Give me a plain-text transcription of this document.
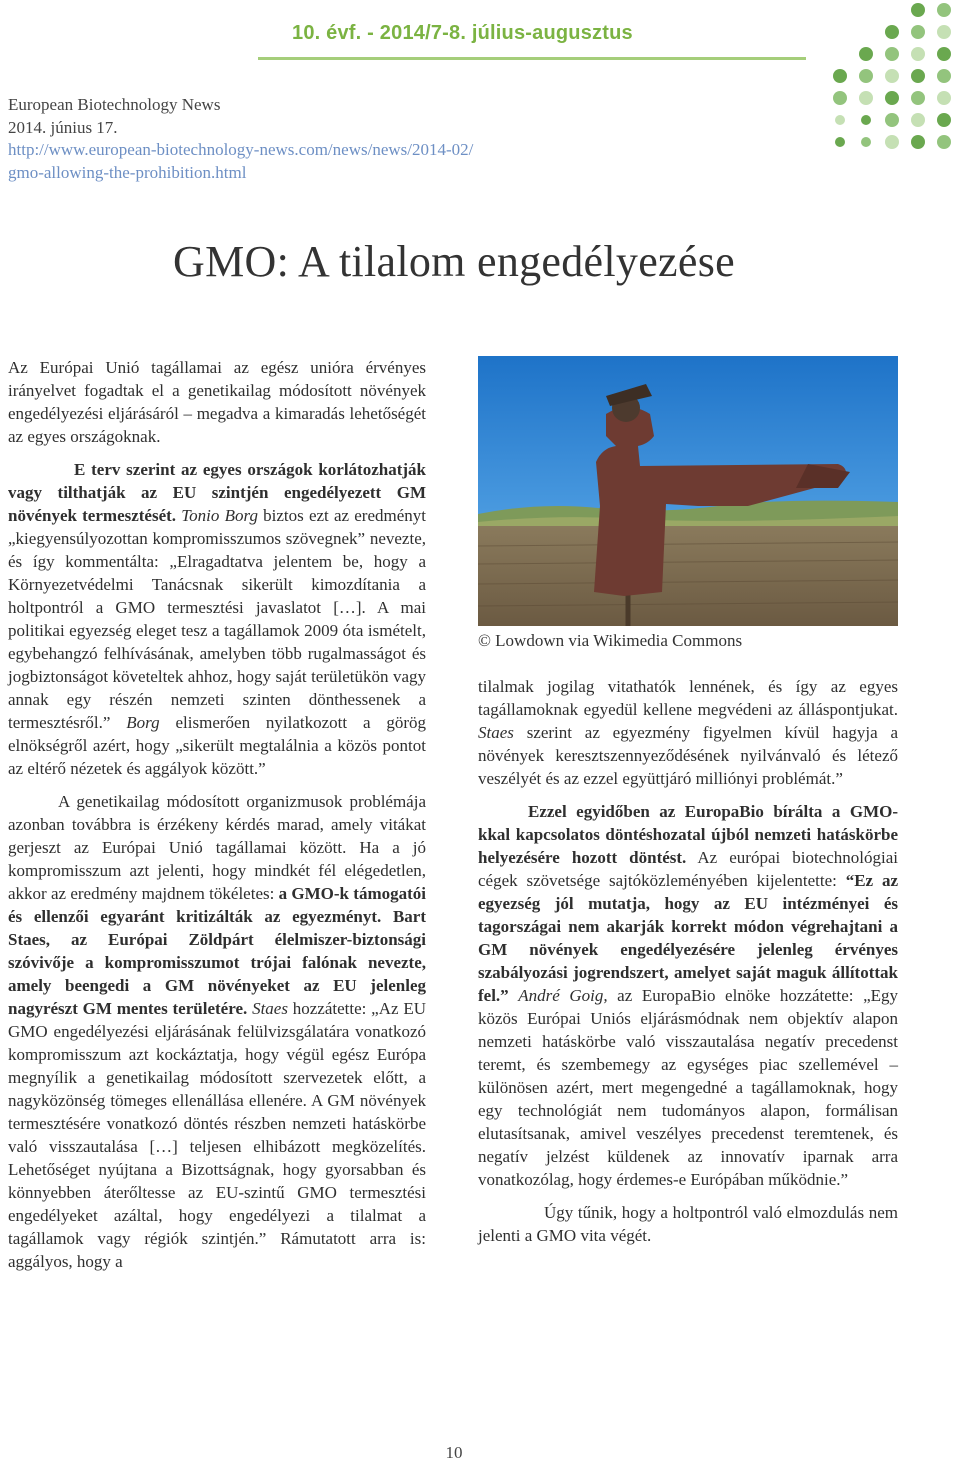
10. évf. - 2014/7-8. július-augusztus
European Biotechnology News
2014. június 17.
http://www.european-biotechnology-news.com/news/news/2014-02/
gmo-allowing-the-prohibition.html
GMO: A tilalom engedélyezése

Az Európai Unió tagállamai az egész unióra érvényes irányelvet fogadtak el a genetikailag módosított növények engedélyezési eljárásáról – megadva a kimaradás lehetőségét az egyes országoknak.

E terv szerint az egyes országok korlátozhatják vagy tilthatják az EU szintjén engedélyezett GM növények termesztését. Tonio Borg biztos ezt az eredményt „kiegyensúlyozottan kompromisszumos szövegnek” nevezte, és így kommentálta: „Elragadtatva jelentem be, hogy a Környezetvédelmi Tanácsnak sikerült kimozdítania a holtpontról a GMO termesztési javaslatot […]. A mai politikai egyezség eleget tesz a tagállamok 2009 óta ismételt, egybehangzó felhívásának, amelyben több rugalmasságot és jogbiztonságot követeltek ahhoz, hogy saját területükön vagy annak egy részén nemzeti szinten dönthessenek a termesztésről.” Borg elismerően nyilatkozott a görög elnökségről azért, hogy „sikerült megtalálnia a közös pontot az eltérő nézetek és aggályok között.”

A genetikailag módosított organizmusok problémája azonban továbbra is érzékeny kérdés marad, amely vitákat gerjeszt az Európai Unió tagállamai között. Ha a jó kompromisszum azt jelenti, hogy mindkét fél elégedetlen, akkor az eredmény majdnem tökéletes: a GMO-k támogatói és ellenzői egyaránt kritizálták az egyezményt. Bart Staes, az Európai Zöldpárt élelmiszer-biztonsági szóvivője a kompromisszumot trójai falónak nevezte, amely beengedi a GM növényeket az EU jelenleg nagyrészt GM mentes területére. Staes hozzátette: „Az EU GMO engedélyezési eljárásának felülvizsgálatára vonatkozó kompromisszum azt kockáztatja, hogy végül egész Európa megnyílik a genetikailag módosított szervezetek előtt, a nagyközönség tömeges ellenállása ellenére. A GM növények termesztésére vonatkozó döntés részben nemzeti hatáskörbe való visszautalása […] teljesen elhibázott megközelítés. Lehetőséget nyújtana a Bizottságnak, hogy gyorsabban és könnyebben áterőltesse az EU-szintű GMO termesztési engedélyeket azáltal, hogy engedélyezi a tilalmat a tagállamok vagy régiók szintjén.” Rámutatott arra is: aggályos, hogy a

© Lowdown via Wikimedia Commons

tilalmak jogilag vitathatók lennének, és így az egyes tagállamoknak egyedül kellene megvédeni az álláspontjukat. Staes szerint az egyezmény figyelmen kívül hagyja a növények keresztszennyeződésének nyilvánvaló és létező veszélyét és az ezzel együttjáró milliónyi problémát.”

Ezzel egyidőben az EuropaBio bírálta a GMO-kkal kapcsolatos döntéshozatal újból nemzeti hatáskörbe helyezésére hozott döntést. Az európai biotechnológiai cégek szövetsége sajtóközleményében kijelentette: “Ez az egyezség jól mutatja, hogy az EU intézményei és tagországai nem akarják korrekt módon végrehajtani a GM növények engedélyezésére jelenleg érvényes szabályozási jogrendszert, amelyet saját maguk állítottak fel.” André Goig, az EuropaBio elnöke hozzátette: „Egy közös Európai Uniós eljárásmódnak nem objektív alapon nemzeti hatáskörbe való visszautalása negatív precedenst teremt, és szembemegy az egységes piac szellemével – különösen azért, mert megengedné a tagállamoknak, hogy egy technológiát nem tudományos alapon, formálisan elutasítsanak, amivel veszélyes precedenst teremtenek, és negatív jelzést küldenek az innovatív iparnak arra vonatkozólag, hogy érdemes-e Európában működnie.”

Úgy tűnik, hogy a holtpontról való elmozdulás nem jelenti a GMO vita végét.

10
